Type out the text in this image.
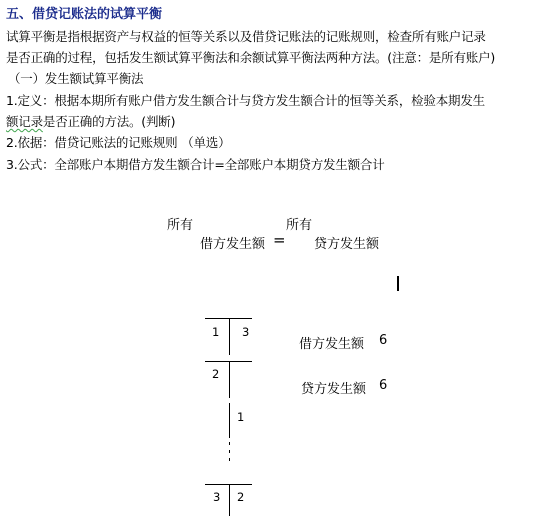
五、借贷记账法的试算平衡
试算平衡是指根据资产与权益的恒等关系以及借贷记账法的记账规则，检查所有账户记录
是否正确的过程，包括发生额试算平衡法和余额试算平衡法两种方法。(注意：是所有账户)
（一）发生额试算平衡法
1.定义：根据本期所有账户借方发生额合计与贷方发生额合计的恒等关系，检验本期发生
额记录是否正确的方法。(判断)
2.依据：借贷记账法的记账规则 （单选）
3.公式：全部账户本期借方发生额合计=全部账户本期贷方发生额合计
所有	所有
借方发生额 = 贷方发生额
1 3
2
1
3 2
借方发生额 6
贷方发生额 6
